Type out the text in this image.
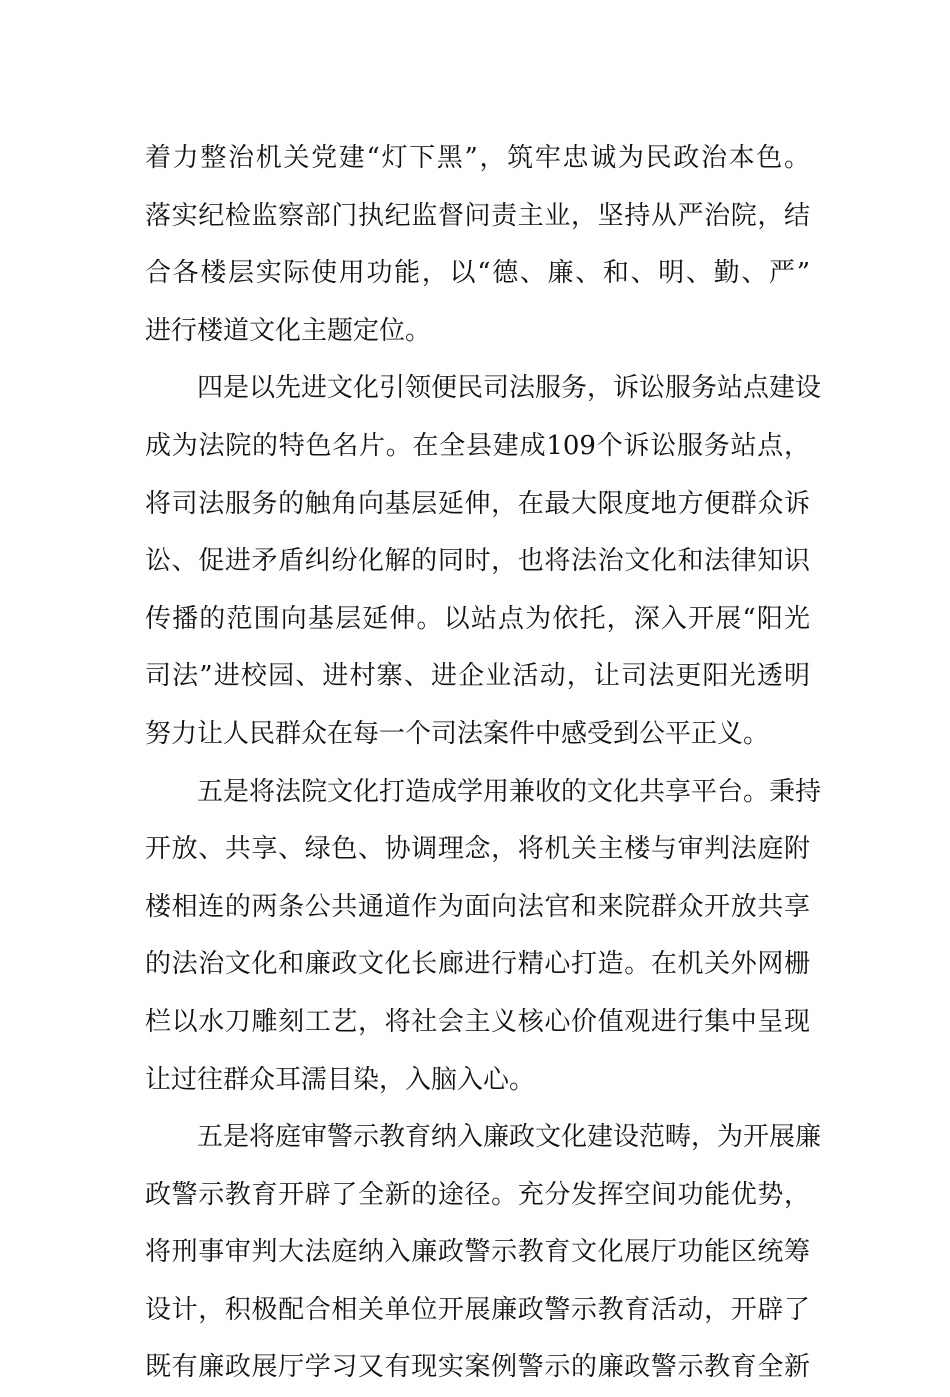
着力整治机关党建“灯下黑”，筑牢忠诚为民政治本色。
落实纪检监察部门执纪监督问责主业，坚持从严治院，结
合各楼层实际使用功能，以“德、廉、和、明、勤、严”
进行楼道文化主题定位。
四是以先进文化引领便民司法服务，诉讼服务站点建设
成为法院的特色名片。在全县建成109个诉讼服务站点，
将司法服务的触角向基层延伸，在最大限度地方便群众诉
讼、促进矛盾纠纷化解的同时，也将法治文化和法律知识
传播的范围向基层延伸。以站点为依托，深入开展“阳光
司法”进校园、进村寨、进企业活动，让司法更阳光透明
努力让人民群众在每一个司法案件中感受到公平正义。
五是将法院文化打造成学用兼收的文化共享平台。秉持
开放、共享、绿色、协调理念，将机关主楼与审判法庭附
楼相连的两条公共通道作为面向法官和来院群众开放共享
的法治文化和廉政文化长廊进行精心打造。在机关外网栅
栏以水刀雕刻工艺，将社会主义核心价值观进行集中呈现
让过往群众耳濡目染，入脑入心。
五是将庭审警示教育纳入廉政文化建设范畴，为开展廉
政警示教育开辟了全新的途径。充分发挥空间功能优势，
将刑事审判大法庭纳入廉政警示教育文化展厅功能区统筹
设计，积极配合相关单位开展廉政警示教育活动，开辟了
既有廉政展厅学习又有现实案例警示的廉政警示教育全新
